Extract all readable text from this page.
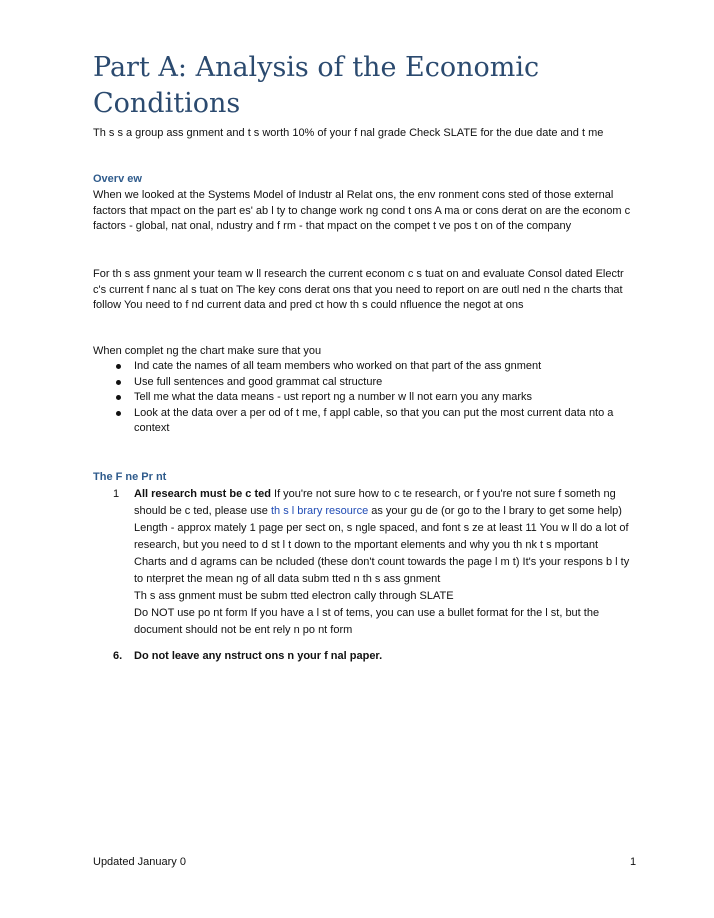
Part A: Analysis of the Economic Conditions

Th s s a group ass gnment and t s worth 10% of your f nal grade Check SLATE for the due date and t me

Overv ew

When we looked at the Systems Model of Industr al Relat ons, the env ronment cons sted of those external factors that mpact on the part es' ab l ty to change work ng cond t ons A ma or cons derat on are the econom c factors - global, nat onal, ndustry and f rm - that mpact on the compet t ve pos t on of the company

For th s ass gnment your team w ll research the current econom c s tuat on and evaluate Consol dated Electr c's current f nanc al s tuat on The key cons derat ons that you need to report on are outl ned n the charts that follow You need to f nd current data and pred ct how th s could nfluence the negot at ons

When complet ng the chart make sure that you

Ind cate the names of all team members who worked on that part of the ass gnment
Use full sentences and good grammat cal structure
Tell me what the data means - ust report ng a number w ll not earn you any marks
Look at the data over a per od of t me, f appl cable, so that you can put the most current data nto a context
The F ne Pr nt
1 All research must be c ted If you're not sure how to c te research, or f you're not sure f someth ng should be c ted, please use th s l brary resource as your gu de (or go to the l brary to get some help)
Length - approx mately 1 page per sect on, s ngle spaced, and font s ze at least 11 You w ll do a lot of research, but you need to d st l t down to the mportant elements and why you th nk t s mportant
Charts and d agrams can be ncluded (these don't count towards the page l m t) It's your respons b l ty to nterpret the mean ng of all data subm tted n th s ass gnment
Th s ass gnment must be subm tted electron cally through SLATE
Do NOT use po nt form If you have a l st of tems, you can use a bullet format for the l st, but the document should not be ent rely n po nt form
6. Do not leave any nstruct ons n your f nal paper.
Updated January 0	1
